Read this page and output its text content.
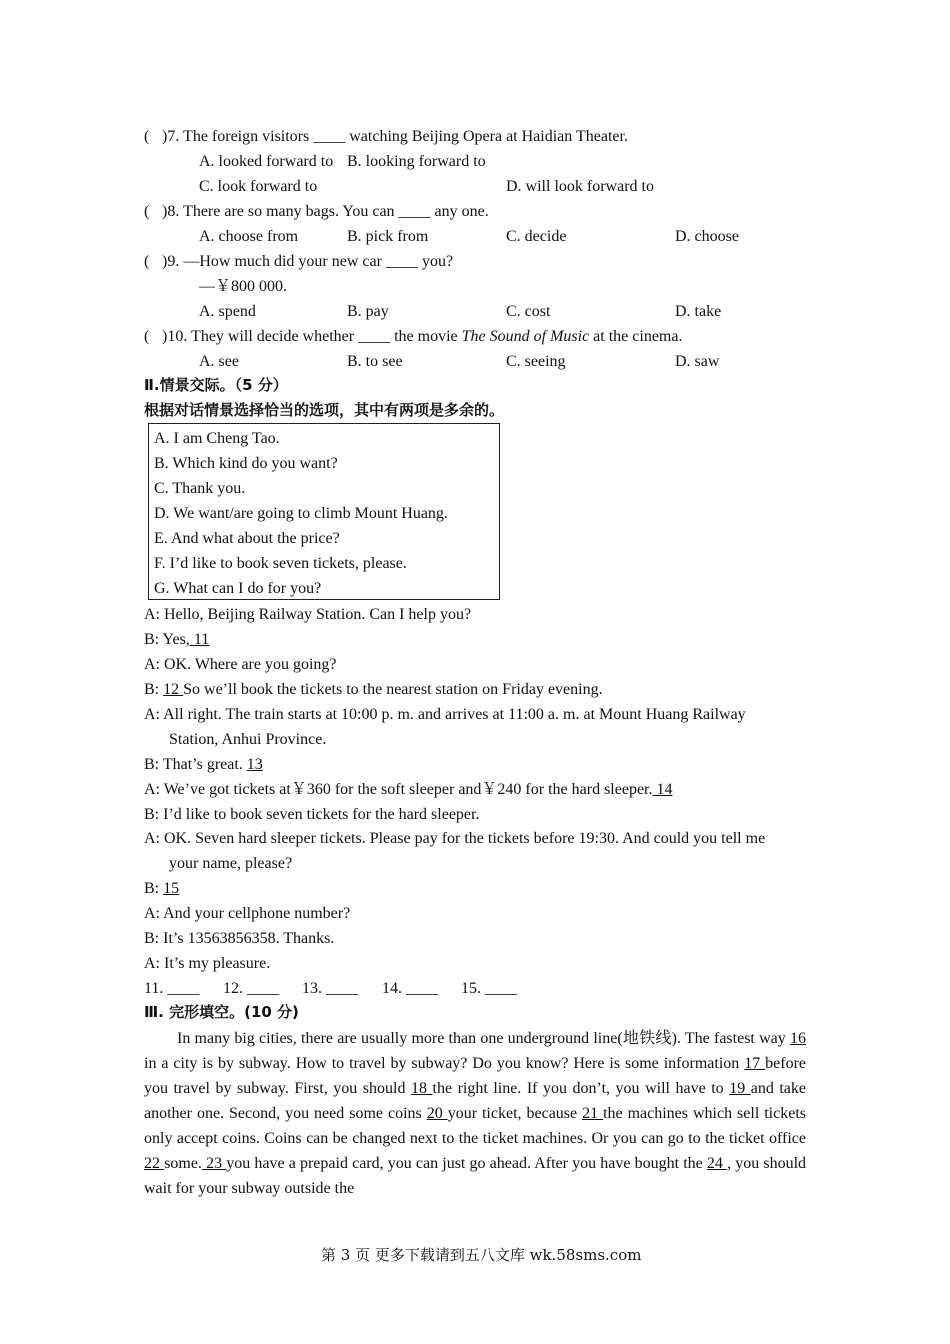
( )7. The foreign visitors ____ watching Beijing Opera at Haidian Theater.
A. looked forward to B. looking forward to
C. look forward to	D. will look forward to
( )8. There are so many bags. You can ____ any one.
A. choose from	B. pick from	C. decide	D. choose
( )9. —How much did your new car ____ you?
—￥800 000.
A. spend	B. pay	C. cost	D. take
( )10. They will decide whether ____ the movie The Sound of Music at the cinema.
A. see	B. to see	C. seeing	D. saw
Ⅱ.情景交际。（5 分）
根据对话情景选择恰当的选项，其中有两项是多余的。
A. I am Cheng Tao.
B. Which kind do you want?
C. Thank you.
D. We want/are going to climb Mount Huang.
E. And what about the price?
F. I’d like to book seven tickets, please.
G. What can I do for you?
A: Hello, Beijing Railway Station. Can I help you?
B: Yes, 11
A: OK. Where are you going?
B: 12 So we’ll book the tickets to the nearest station on Friday evening.
A: All right. The train starts at 10:00 p. m. and arrives at 11:00 a. m. at Mount Huang Railway
Station, Anhui Province.
B: That’s great. 13
A: We’ve got tickets at￥360 for the soft sleeper and￥240 for the hard sleeper. 14
B: I’d like to book seven tickets for the hard sleeper.
A: OK. Seven hard sleeper tickets. Please pay for the tickets before 19:30. And could you tell me
your name, please?
B: 15
A: And your cellphone number?
B: It’s 13563856358. Thanks.
A: It’s my pleasure.
11. ____ 12. ____ 13. ____ 14. ____ 15. ____
Ⅲ. 完形填空。(10 分)
In many big cities, there are usually more than one underground line(地铁线). The fastest way 16 in a city is by subway. How to travel by subway? Do you know? Here is some information 17 before you travel by subway. First, you should 18 the right line. If you don’t, you will have to 19 and take another one. Second, you need some coins 20 your ticket, because 21 the machines which sell tickets only accept coins. Coins can be changed next to the ticket machines. Or you can go to the ticket office 22 some. 23 you have a prepaid card, you can just go ahead. After you have bought the 24 , you should wait for your subway outside the
第 3 页 更多下载请到五八文库 wk.58sms.com
